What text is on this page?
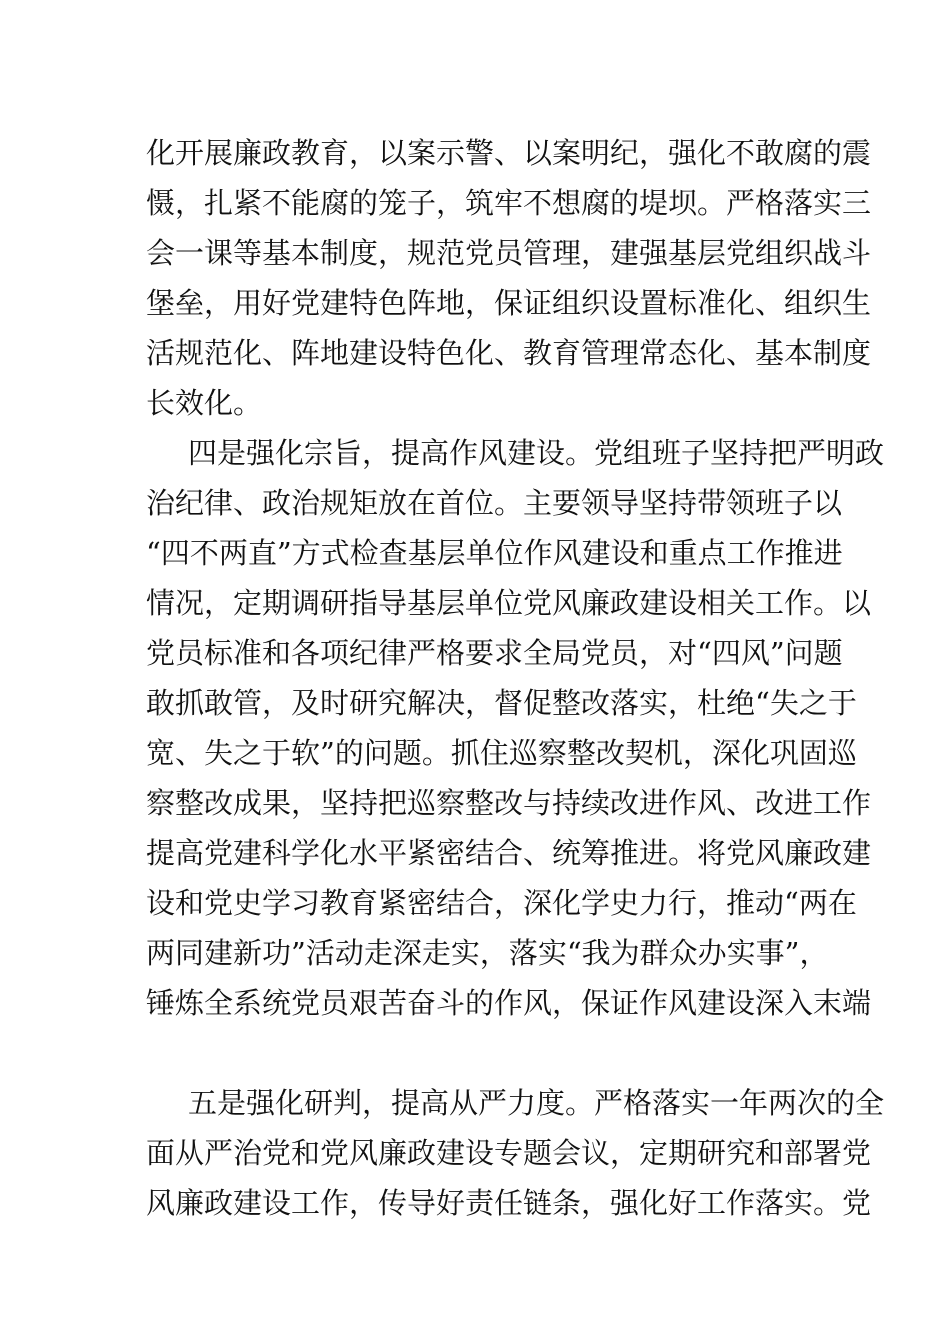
化开展廉政教育，以案示警、以案明纪，强化不敢腐的震

慑，扎紧不能腐的笼子，筑牢不想腐的堤坝。严格落实三

会一课等基本制度，规范党员管理，建强基层党组织战斗

堡垒，用好党建特色阵地，保证组织设置标准化、组织生

活规范化、阵地建设特色化、教育管理常态化、基本制度

长效化。

四是强化宗旨，提高作风建设。党组班子坚持把严明政

治纪律、政治规矩放在首位。主要领导坚持带领班子以

“四不两直”方式检查基层单位作风建设和重点工作推进

情况，定期调研指导基层单位党风廉政建设相关工作。以

党员标准和各项纪律严格要求全局党员，对“四风”问题

敢抓敢管，及时研究解决，督促整改落实，杜绝“失之于

宽、失之于软”的问题。抓住巡察整改契机，深化巩固巡

察整改成果，坚持把巡察整改与持续改进作风、改进工作

提高党建科学化水平紧密结合、统筹推进。将党风廉政建

设和党史学习教育紧密结合，深化学史力行，推动“两在

两同建新功”活动走深走实，落实“我为群众办实事”，

锤炼全系统党员艰苦奋斗的作风，保证作风建设深入末端

五是强化研判，提高从严力度。严格落实一年两次的全

面从严治党和党风廉政建设专题会议，定期研究和部署党

风廉政建设工作，传导好责任链条，强化好工作落实。党
